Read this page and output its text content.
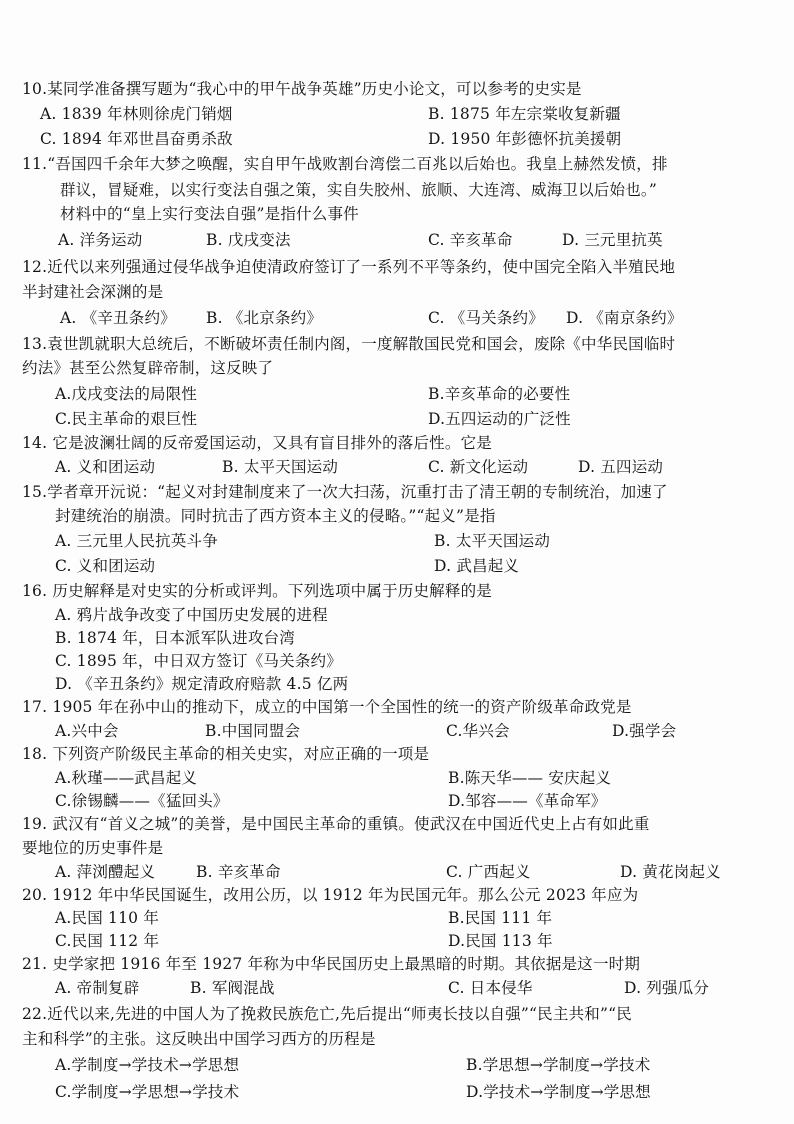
10.某同学准备撰写题为“我心中的甲午战争英雄”历史小论文，可以参考的史实是
A. 1839 年林则徐虎门销烟	B. 1875 年左宗棠收复新疆
C. 1894 年邓世昌奋勇杀敌	D. 1950 年彭德怀抗美援朝
11.“吾国四千余年大梦之唤醒，实自甲午战败割台湾偿二百兆以后始也。我皇上赫然发愤，排
群议，冒疑难，以实行变法自强之策，实自失胶州、旅顺、大连湾、威海卫以后始也。”
材料中的“皇上实行变法自强”是指什么事件
A. 洋务运动	B. 戊戌变法	C. 辛亥革命	D. 三元里抗英
12.近代以来列强通过侵华战争迫使清政府签订了一系列不平等条约，使中国完全陷入半殖民地
半封建社会深渊的是
A. 《辛丑条约》 B. 《北京条约》	C. 《马关条约》 D. 《南京条约》
13.袁世凯就职大总统后，不断破坏责任制内阁，一度解散国民党和国会，废除《中华民国临时
约法》甚至公然复辟帝制，这反映了
A.戊戌变法的局限性	B.辛亥革命的必要性
C.民主革命的艰巨性	D.五四运动的广泛性
14. 它是波澜壮阔的反帝爱国运动，又具有盲目排外的落后性。它是
A. 义和团运动	B. 太平天国运动	C. 新文化运动	D. 五四运动
15.学者章开沅说：“起义对封建制度来了一次大扫荡，沉重打击了清王朝的专制统治，加速了
封建统治的崩溃。同时抗击了西方资本主义的侵略。”“起义”是指
A. 三元里人民抗英斗争	B. 太平天国运动
C. 义和团运动	D. 武昌起义
16. 历史解释是对史实的分析或评判。下列选项中属于历史解释的是
A. 鸦片战争改变了中国历史发展的进程
B. 1874 年，日本派军队进攻台湾
C. 1895 年，中日双方签订《马关条约》
D. 《辛丑条约》规定清政府赔款 4.5 亿两
17. 1905 年在孙中山的推动下，成立的中国第一个全国性的统一的资产阶级革命政党是
A.兴中会	B.中国同盟会	C.华兴会	D.强学会
18. 下列资产阶级民主革命的相关史实，对应正确的一项是
A.秋瑾——武昌起义	B.陈天华—— 安庆起义
C.徐锡麟——《猛回头》	D.邹容——《革命军》
19. 武汉有“首义之城”的美誉，是中国民主革命的重镇。使武汉在中国近代史上占有如此重
要地位的历史事件是
A. 萍浏醴起义	B. 辛亥革命	C. 广西起义	D. 黄花岗起义
20. 1912 年中华民国诞生，改用公历，以 1912 年为民国元年。那么公元 2023 年应为
A.民国 110 年	B.民国 111 年
C.民国 112 年	D.民国 113 年
21. 史学家把 1916 年至 1927 年称为中华民国历史上最黑暗的时期。其依据是这一时期
A. 帝制复辟	B. 军阀混战	C. 日本侵华	D. 列强瓜分
22.近代以来,先进的中国人为了挽救民族危亡,先后提出“师夷长技以自强”“民主共和”“民
主和科学”的主张。这反映出中国学习西方的历程是
A.学制度→学技术→学思想	B.学思想→学制度→学技术
C.学制度→学思想→学技术	D.学技术→学制度→学思想
